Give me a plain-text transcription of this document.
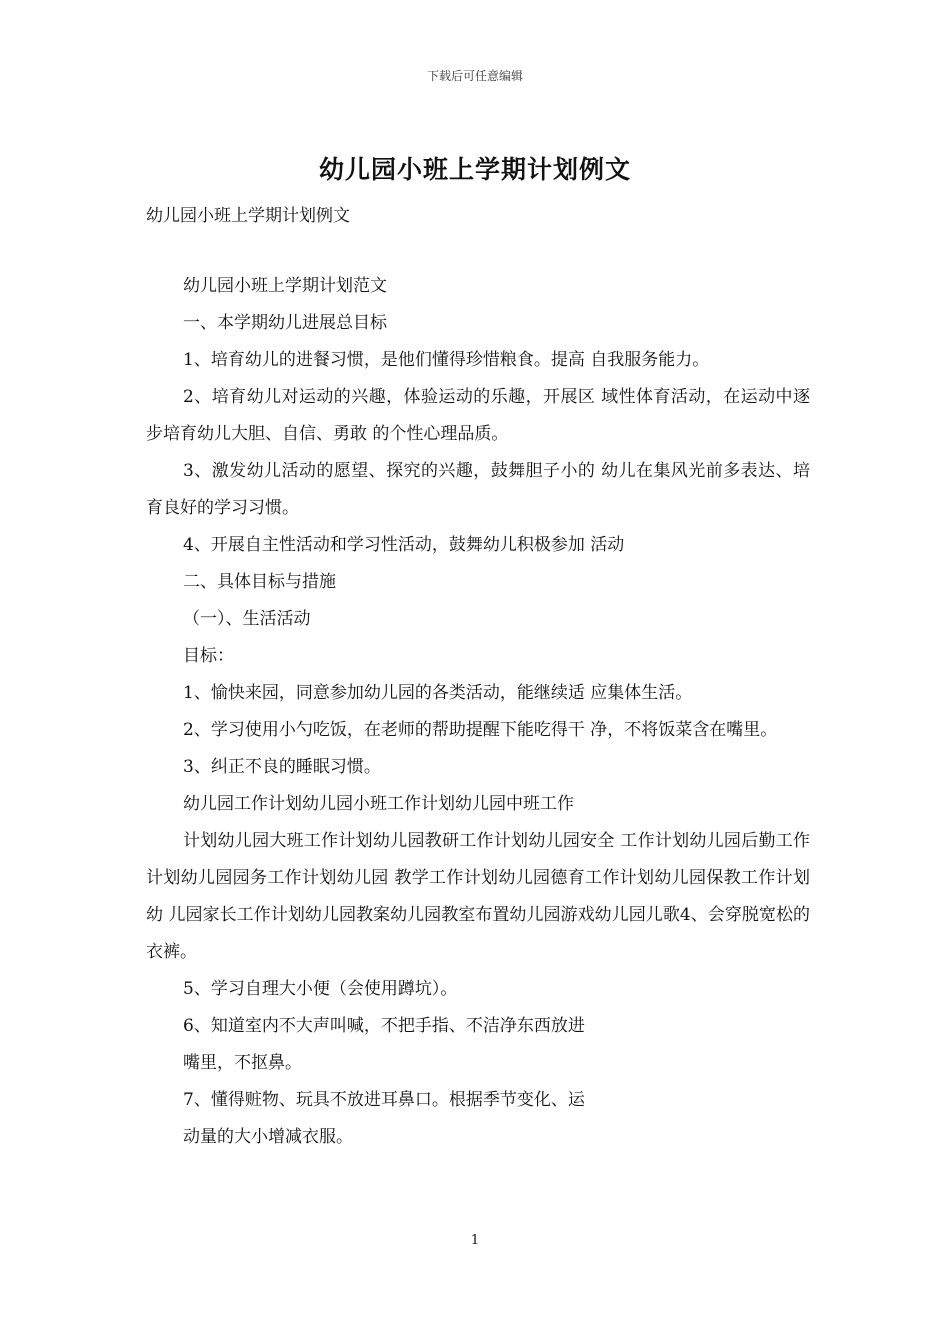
下载后可任意编辑
幼儿园小班上学期计划例文
幼儿园小班上学期计划例文

幼儿园小班上学期计划范文

一、本学期幼儿进展总目标

1、培育幼儿的进餐习惯，是他们懂得珍惜粮食。提高 自我服务能力。

2、培育幼儿对运动的兴趣，体验运动的乐趣，开展区 域性体育活动，在运动中逐步培育幼儿大胆、自信、勇敢 的个性心理品质。

3、激发幼儿活动的愿望、探究的兴趣，鼓舞胆子小的 幼儿在集风光前多表达、培育良好的学习习惯。

4、开展自主性活动和学习性活动，鼓舞幼儿积极参加 活动

二、具体目标与措施

（一）、生活活动

目标：

1、愉快来园，同意参加幼儿园的各类活动，能继续适 应集体生活。

2、学习使用小勺吃饭，在老师的帮助提醒下能吃得干 净，不将饭菜含在嘴里。

3、纠正不良的睡眠习惯。

幼儿园工作计划幼儿园小班工作计划幼儿园中班工作

计划幼儿园大班工作计划幼儿园教研工作计划幼儿园安全 工作计划幼儿园后勤工作计划幼儿园园务工作计划幼儿园 教学工作计划幼儿园德育工作计划幼儿园保教工作计划幼 儿园家长工作计划幼儿园教案幼儿园教室布置幼儿园游戏幼儿园儿歌4、会穿脱宽松的衣裤。

5、学习自理大小便（会使用蹲坑）。

6、知道室内不大声叫喊，不把手指、不洁净东西放进

嘴里，不抠鼻。

7、懂得赃物、玩具不放进耳鼻口。根据季节变化、运

动量的大小增减衣服。

1
